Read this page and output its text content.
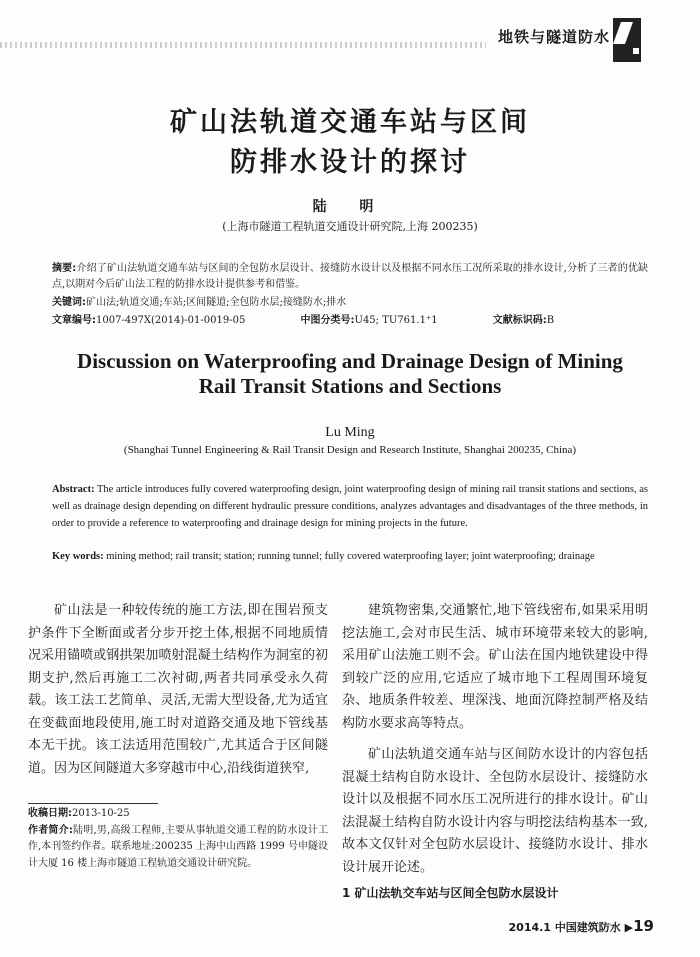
地铁与隧道防水
矿山法轨道交通车站与区间
防排水设计的探讨
陆 明
(上海市隧道工程轨道交通设计研究院,上海 200235)
摘要:介绍了矿山法轨道交通车站与区间的全包防水层设计、接缝防水设计以及根据不同水压工况所采取的排水设计,分析了三者的优缺点,以期对今后矿山法工程的防排水设计提供参考和借鉴。
关键词:矿山法;轨道交通;车站;区间隧道;全包防水层;接缝防水;排水
文章编号:1007-497X(2014)-01-0019-05	中图分类号:U45; TU761.1⁺1	文献标识码:B
Discussion on Waterproofing and Drainage Design of Mining
Rail Transit Stations and Sections
Lu Ming
(Shanghai Tunnel Engineering & Rail Transit Design and Research Institute, Shanghai 200235, China)
Abstract: The article introduces fully covered waterproofing design, joint waterproofing design of mining rail transit stations and sections, as well as drainage design depending on different hydraulic pressure conditions, analyzes advantages and disadvantages of the three methods, in order to provide a reference to waterproofing and drainage design for mining projects in the future.
Key words: mining method; rail transit; station; running tunnel; fully covered waterproofing layer; joint waterproofing; drainage

矿山法是一种较传统的施工方法,即在围岩预支护条件下全断面或者分步开挖土体,根据不同地质情况采用锚喷或钢拱架加喷射混凝土结构作为洞室的初期支护,然后再施工二次衬砌,两者共同承受永久荷载。该工法工艺简单、灵活,无需大型设备,尤为适宜在变截面地段使用,施工时对道路交通及地下管线基本无干扰。该工法适用范围较广,尤其适合于区间隧道。因为区间隧道大多穿越市中心,沿线街道狭窄,

建筑物密集,交通繁忙,地下管线密布,如果采用明挖法施工,会对市民生活、城市环境带来较大的影响,采用矿山法施工则不会。矿山法在国内地铁建设中得到较广泛的应用,它适应了城市地下工程周围环境复杂、地质条件较差、埋深浅、地面沉降控制严格及结构防水要求高等特点。

矿山法轨道交通车站与区间防水设计的内容包括混凝土结构自防水设计、全包防水层设计、接缝防水设计以及根据不同水压工况所进行的排水设计。矿山法混凝土结构自防水设计内容与明挖法结构基本一致,故本文仅针对全包防水层设计、接缝防水设计、排水设计展开论述。

1 矿山法轨交车站与区间全包防水层设计

收稿日期:2013-10-25
作者简介:陆明,男,高级工程师,主要从事轨道交通工程的防水设计工作,本刊签约作者。联系地址:200235 上海中山西路 1999 号申隧设计大厦 16 楼上海市隧道工程轨道交通设计研究院。
2014.1 中国建筑防水 ▶19
